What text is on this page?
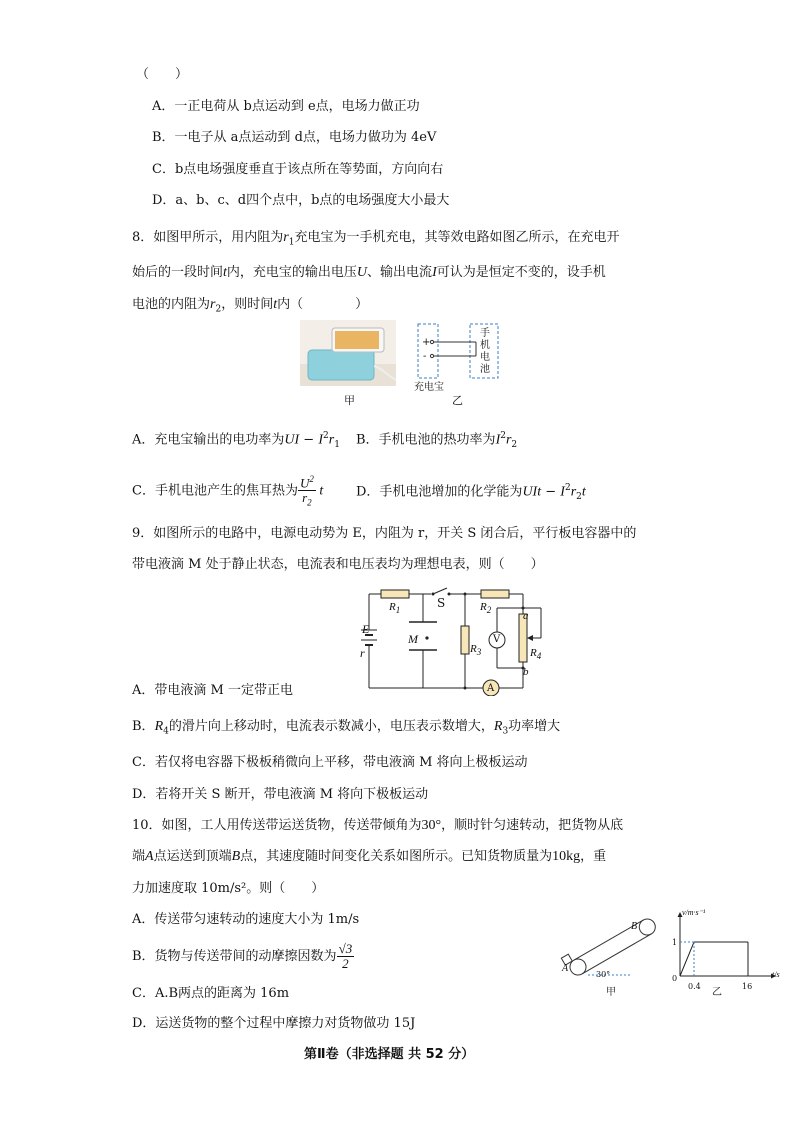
（　　）
A．一正电荷从 b点运动到 e点，电场力做正功
B．一电子从 a点运动到 d点，电场力做功为 4eV
C．b点电场强度垂直于该点所在等势面，方向向右
D．a、b、c、d四个点中，b点的电场强度大小最大
8．如图甲所示，用内阻为$r_1$充电宝为一手机充电，其等效电路如图乙所示，在充电开
始后的一段时间t内，充电宝的输出电压U、输出电流I可认为是恒定不变的，设手机
电池的内阻为$r_2$，则时间t内（　　　　）
甲
+
-
手
机
电
池
充电宝
乙
A．充电宝输出的电功率为UI − $I^2r_1$ B．手机电池的热功率为$I^2r_2$
C．手机电池产生的焦耳热为 $\frac{U^2}{r_2}$ t	D．手机电池增加的化学能为UIt − $I^2r_2t$
9．如图所示的电路中，电源电动势为 E，内阻为 r，开关 S 闭合后，平行板电容器中的
带电液滴 M 处于静止状态，电流表和电压表均为理想电表，则（　　）
E
r
$R_1$
S	$R_2$
M
$R_3$
V
a
$R_4$
b
A
A．带电液滴 M 一定带正电
B．$R_4$的滑片向上移动时，电流表示数减小，电压表示数增大，$R_3$功率增大
C．若仅将电容器下极板稍微向上平移，带电液滴 M 将向上极板运动
D．若将开关 S 断开，带电液滴 M 将向下极板运动
10．如图，工人用传送带运送货物，传送带倾角为30°，顺时针匀速转动，把货物从底
端A点运送到顶端B点，其速度随时间变化关系如图所示。已知货物质量为10kg，重
力加速度取 10m/s²。则（　　）
A．传送带匀速转动的速度大小为 1m/s
B．货物与传送带间的动摩擦因数为 $\frac{√3}{2}$
C．A.B两点的距离为 16m
D．运送货物的整个过程中摩擦力对货物做功 15J
A
B
30°
甲
v/m·s⁻¹
t/s
0
1
0.4	16
乙
第Ⅱ卷（非选择题 共 52 分）
